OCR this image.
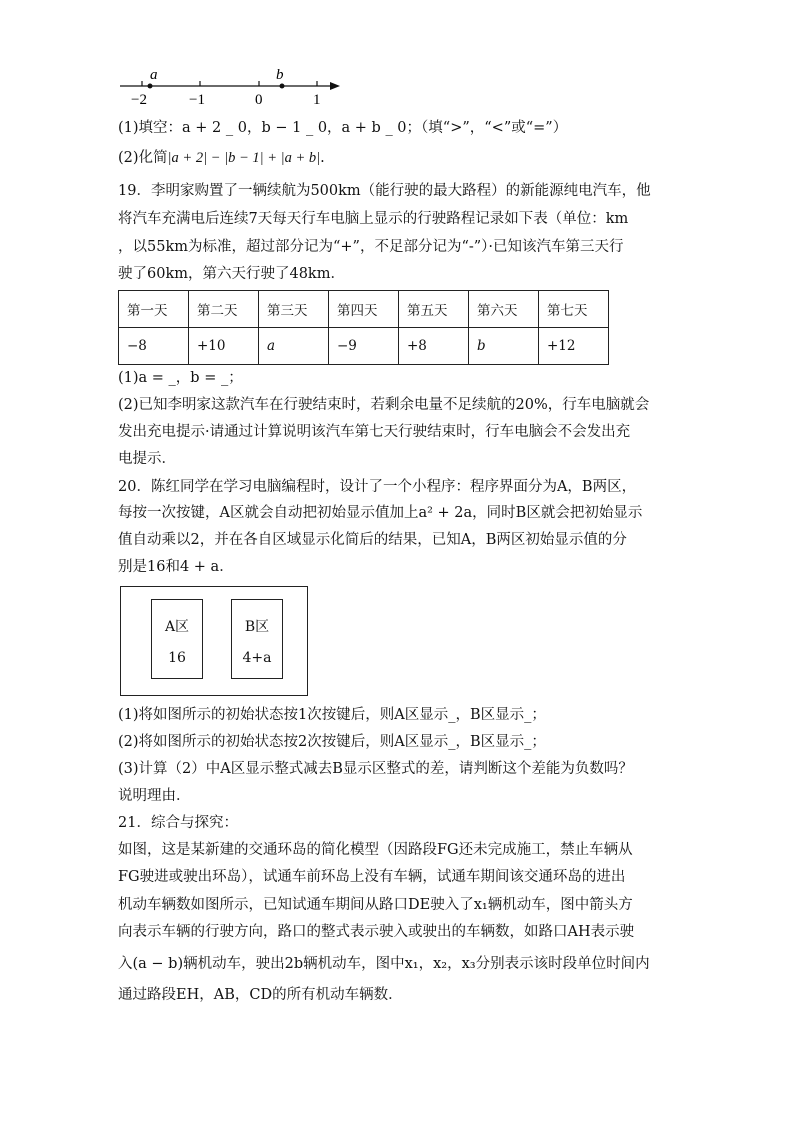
a	b
−2	−1	0	1
(1)填空：a + 2 _ 0，b − 1 _ 0，a + b _ 0；（填“>”，“<”或“=”）
(2)化简|a + 2| − |b − 1| + |a + b|.
19．李明家购置了一辆续航为500km（能行驶的最大路程）的新能源纯电汽车，他
将汽车充满电后连续7天每天行车电脑上显示的行驶路程记录如下表（单位：km
，以55km为标准，超过部分记为“+”，不足部分记为“-”）·已知该汽车第三天行
驶了60km，第六天行驶了48km．
第一天	第二天	第三天	第四天	第五天	第六天	第七天
−8	+10	a	−9	+8	b	+12
(1)a = _，b = _；
(2)已知李明家这款汽车在行驶结束时，若剩余电量不足续航的20%，行车电脑就会
发出充电提示·请通过计算说明该汽车第七天行驶结束时，行车电脑会不会发出充
电提示．
20．陈红同学在学习电脑编程时，设计了一个小程序：程序界面分为A，B两区，
每按一次按键，A区就会自动把初始显示值加上a² + 2a，同时B区就会把初始显示
值自动乘以2，并在各自区域显示化简后的结果，已知A，B两区初始显示值的分
别是16和4 + a．
A区
16
B区
4+a
(1)将如图所示的初始状态按1次按键后，则A区显示_，B区显示_；
(2)将如图所示的初始状态按2次按键后，则A区显示_，B区显示_；
(3)计算（2）中A区显示整式减去B显示区整式的差，请判断这个差能为负数吗？
说明理由．
21．综合与探究：
如图，这是某新建的交通环岛的简化模型（因路段FG还未完成施工，禁止车辆从
FG驶进或驶出环岛），试通车前环岛上没有车辆，试通车期间该交通环岛的进出
机动车辆数如图所示，已知试通车期间从路口DE驶入了x₁辆机动车，图中箭头方
向表示车辆的行驶方向，路口的整式表示驶入或驶出的车辆数，如路口AH表示驶
入(a − b)辆机动车，驶出2b辆机动车，图中x₁，x₂，x₃分别表示该时段单位时间内
通过路段EH，AB，CD的所有机动车辆数．
